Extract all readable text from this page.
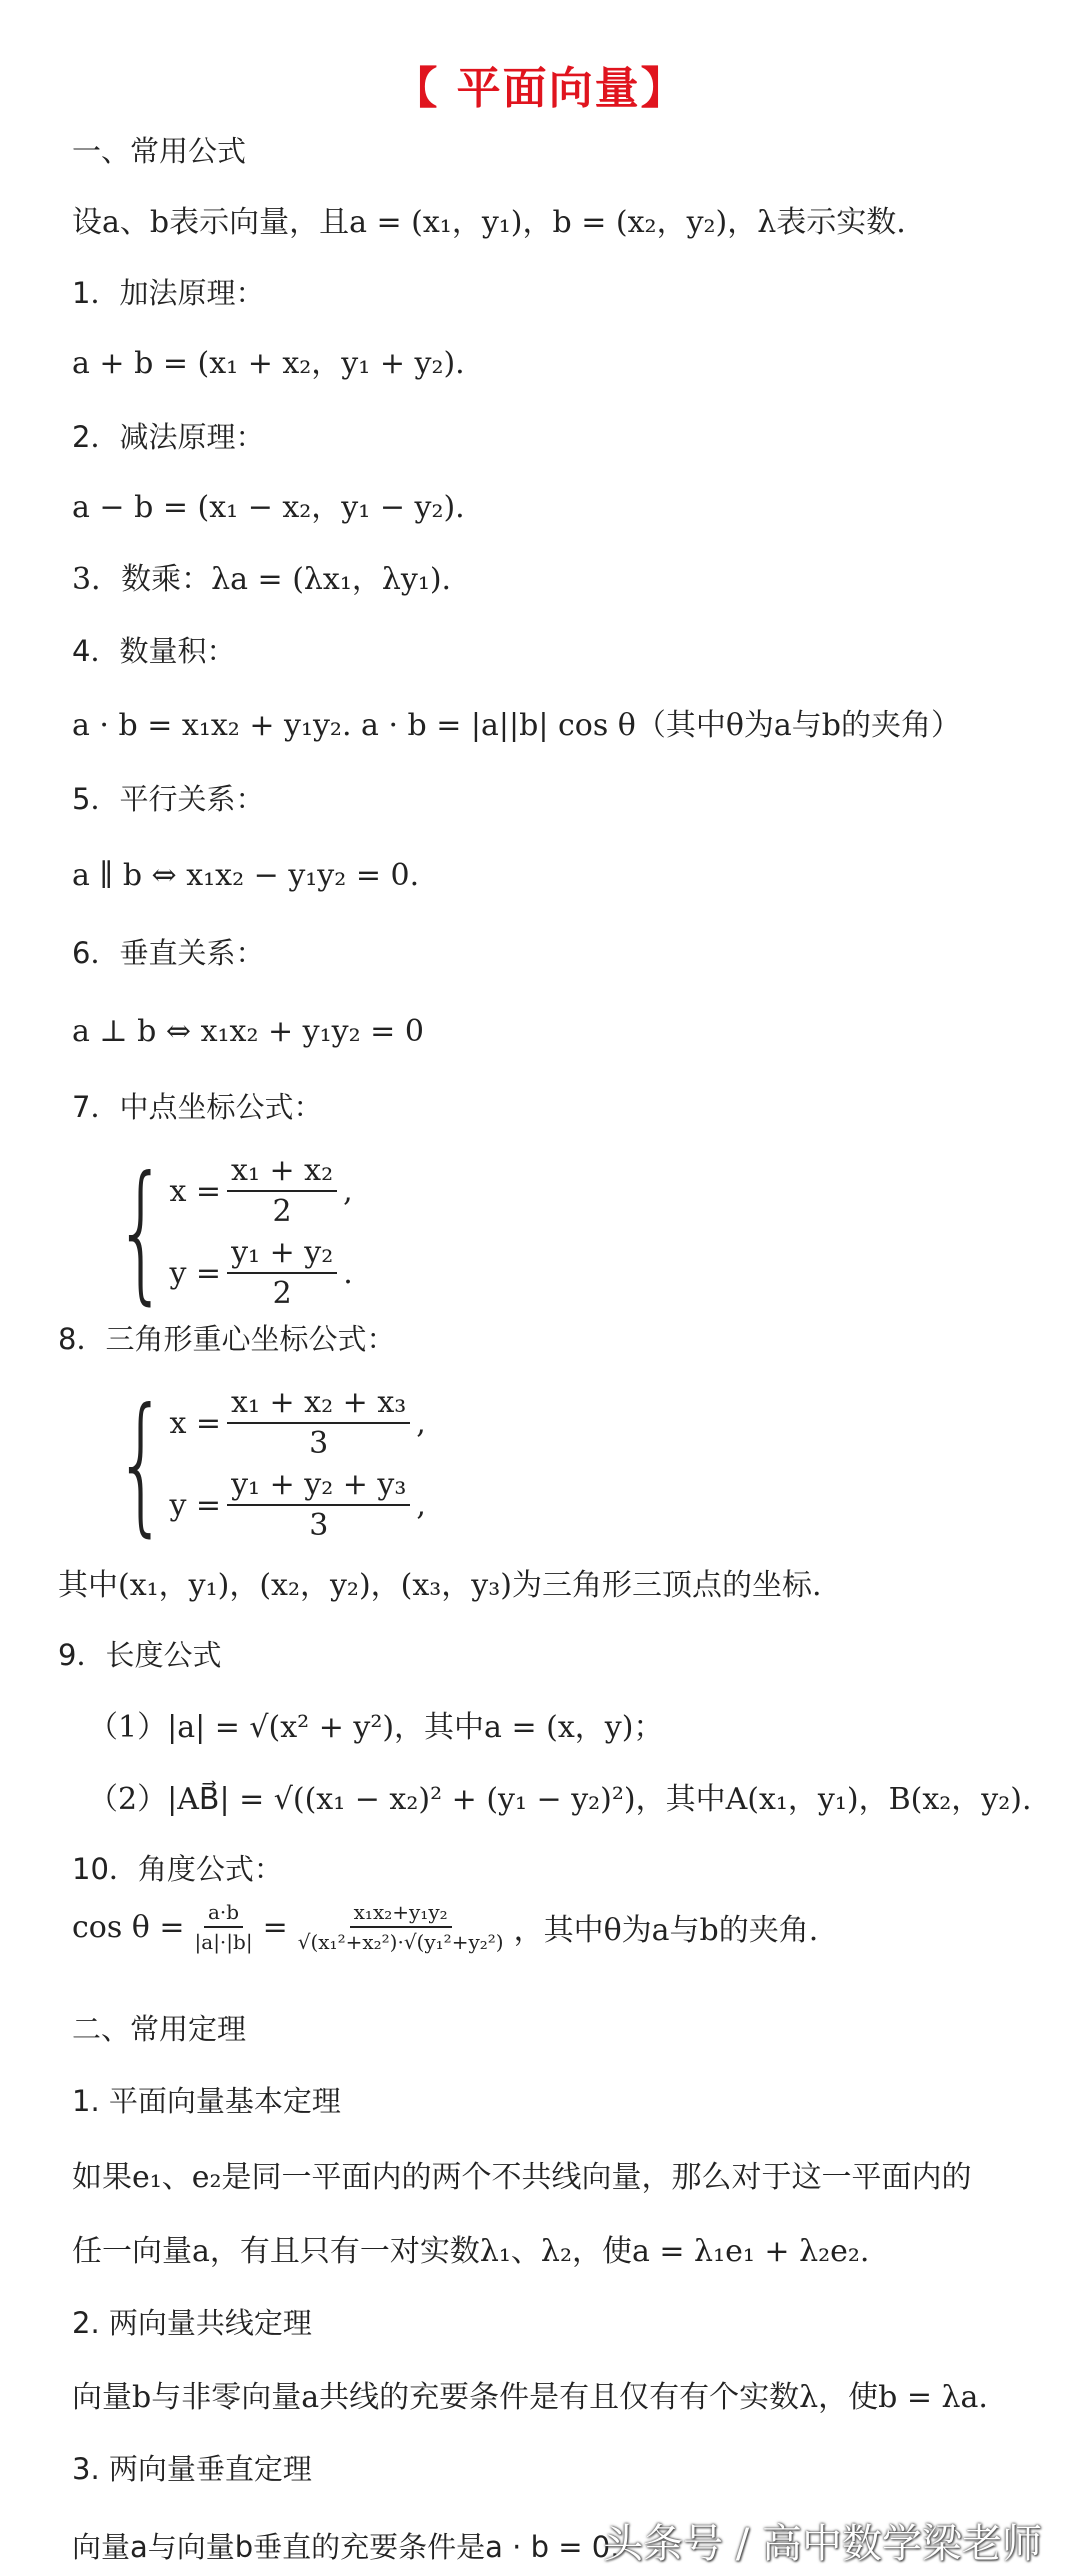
【 平面向量】
一、常用公式
设a、b表示向量，且a = (x₁，y₁)，b = (x₂，y₂)，λ表示实数.
1．加法原理：
a + b = (x₁ + x₂，y₁ + y₂).
2．减法原理：
a − b = (x₁ − x₂，y₁ − y₂).
3．数乘：λa = (λx₁，λy₁).
4．数量积：
a · b = x₁x₂ + y₁y₂. a · b = |a||b| cos θ（其中θ为a与b的夹角）
5．平行关系：
a ∥ b ⇔ x₁x₂ − y₁y₂ = 0.
6．垂直关系：
a ⊥ b ⇔ x₁x₂ + y₁y₂ = 0
7．中点坐标公式：
{ $x = \frac{\text{x₁ + x₂}}{2}$ ,
$y = \frac{\text{y₁ + y₂}}{2}$ .
8．三角形重心坐标公式：
{ $x = \frac{\text{x₁ + x₂ + x₃}}{3}$ ,
$y = \frac{\text{y₁ + y₂ + y₃}}{3}$ ,
其中(x₁，y₁)，(x₂，y₂)，(x₃，y₃)为三角形三顶点的坐标.
9．长度公式
（1）|a| = √(x² + y²)，其中a = (x，y)；
（2）|AB⃗| = √((x₁ − x₂)² + (y₁ − y₂)²)，其中A(x₁，y₁)，B(x₂，y₂).
10．角度公式：
$\cos \theta = \frac{a\cdot b}{|a|\cdot|b|} = \frac{\text{x₁x₂+y₁y₂}}{\text{√(x₁²+x₂²)·√(y₁²+y₂²)}}$ ，其中θ为a与b的夹角.
二、常用定理
1. 平面向量基本定理
如果e₁、e₂是同一平面内的两个不共线向量，那么对于这一平面内的
任一向量a，有且只有一对实数λ₁、λ₂，使a = λ₁e₁ + λ₂e₂.
2. 两向量共线定理
向量b与非零向量a共线的充要条件是有且仅有有个实数λ，使b = λa.
3. 两向量垂直定理
向量a与向量b垂直的充要条件是a · b = 0.
头条号 / 高中数学梁老师
